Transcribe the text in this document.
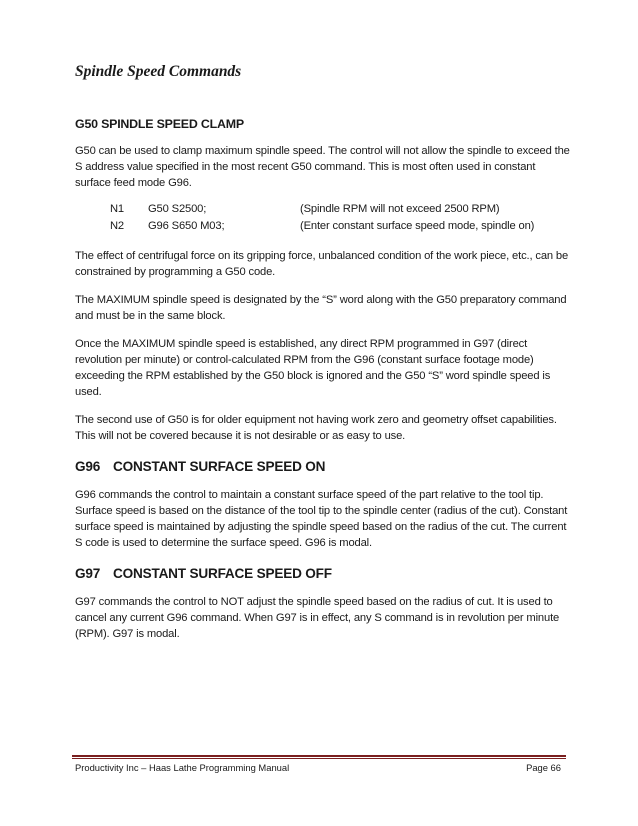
Spindle Speed Commands
G50 SPINDLE SPEED CLAMP

G50 can be used to clamp maximum spindle speed. The control will not allow the spindle to exceed the S address value specified in the most recent G50 command. This is most often used in constant surface feed mode G96.

N1	G50 S2500;	(Spindle RPM will not exceed 2500 RPM)
N2	G96 S650 M03;	(Enter constant surface speed mode, spindle on)

The effect of centrifugal force on its gripping force, unbalanced condition of the work piece, etc., can be constrained by programming a G50 code.

The MAXIMUM spindle speed is designated by the “S” word along with the G50 preparatory command and must be in the same block.

Once the MAXIMUM spindle speed is established, any direct RPM programmed in G97 (direct revolution per minute) or control-calculated RPM from the G96 (constant surface footage mode) exceeding the RPM established by the G50 block is ignored and the G50 “S” word spindle speed is used.

The second use of G50 is for older equipment not having work zero and geometry offset capabilities. This will not be covered because it is not desirable or as easy to use.

G96 CONSTANT SURFACE SPEED ON

G96 commands the control to maintain a constant surface speed of the part relative to the tool tip. Surface speed is based on the distance of the tool tip to the spindle center (radius of the cut). Constant surface speed is maintained by adjusting the spindle speed based on the radius of the cut. The current S code is used to determine the surface speed. G96 is modal.

G97 CONSTANT SURFACE SPEED OFF

G97 commands the control to NOT adjust the spindle speed based on the radius of cut. It is used to cancel any current G96 command. When G97 is in effect, any S command is in revolution per minute (RPM). G97 is modal.

Productivity Inc – Haas Lathe Programming Manual	Page 66
